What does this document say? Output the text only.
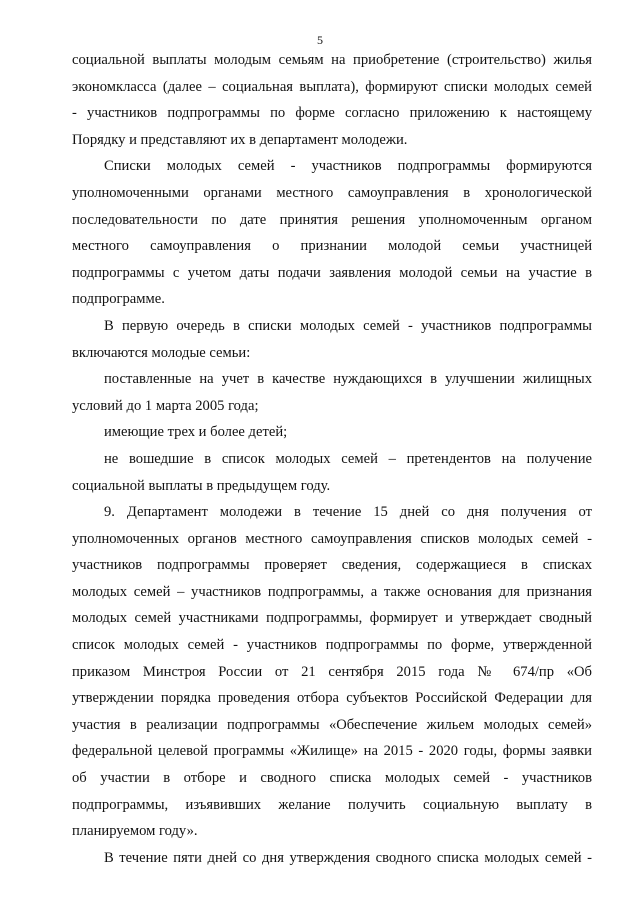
5
социальной выплаты молодым семьям на приобретение (строительство) жилья
экономкласса (далее – социальная выплата), формируют списки молодых семей
- участников подпрограммы по форме согласно приложению к настоящему
Порядку и представляют их в департамент молодежи.
Списки молодых семей - участников подпрограммы формируются
уполномоченными органами местного самоуправления в хронологической
последовательности по дате принятия решения уполномоченным органом
местного самоуправления о признании молодой семьи участницей
подпрограммы с учетом даты подачи заявления молодой семьи на участие в
подпрограмме.
В первую очередь в списки молодых семей - участников подпрограммы
включаются молодые семьи:
поставленные на учет в качестве нуждающихся в улучшении жилищных
условий до 1 марта 2005 года;
имеющие трех и более детей;
не вошедшие в список молодых семей – претендентов на получение
социальной выплаты в предыдущем году.
9. Департамент молодежи в течение 15 дней со дня получения от
уполномоченных органов местного самоуправления списков молодых семей -
участников подпрограммы проверяет сведения, содержащиеся в списках
молодых семей – участников подпрограммы, а также основания для признания
молодых семей участниками подпрограммы, формирует и утверждает сводный
список молодых семей - участников подпрограммы по форме, утвержденной
приказом Минстроя России от 21 сентября 2015 года № 674/пр «Об
утверждении порядка проведения отбора субъектов Российской Федерации для
участия в реализации подпрограммы «Обеспечение жильем молодых семей»
федеральной целевой программы «Жилище» на 2015 - 2020 годы, формы заявки
об участии в отборе и сводного списка молодых семей - участников
подпрограммы, изъявивших желание получить социальную выплату в
планируемом году».
В течение пяти дней со дня утверждения сводного списка молодых семей -
